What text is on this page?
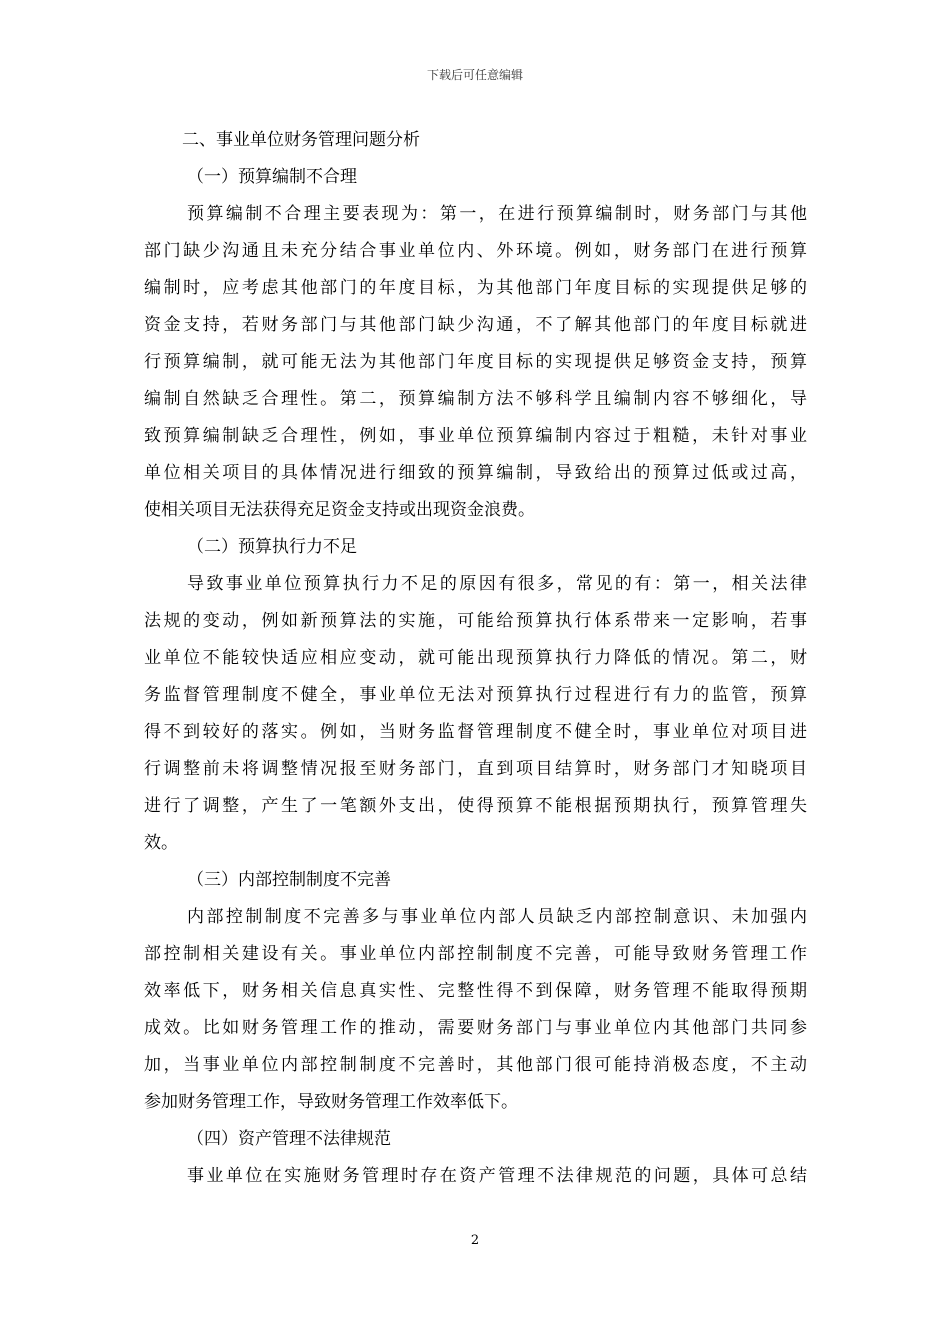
下载后可任意编辑
二、事业单位财务管理问题分析
（一）预算编制不合理
预算编制不合理主要表现为：第一，在进行预算编制时，财务部门与其他
部门缺少沟通且未充分结合事业单位内、外环境。例如，财务部门在进行预算
编制时，应考虑其他部门的年度目标，为其他部门年度目标的实现提供足够的
资金支持，若财务部门与其他部门缺少沟通，不了解其他部门的年度目标就进
行预算编制，就可能无法为其他部门年度目标的实现提供足够资金支持，预算
编制自然缺乏合理性。第二，预算编制方法不够科学且编制内容不够细化，导
致预算编制缺乏合理性，例如，事业单位预算编制内容过于粗糙，未针对事业
单位相关项目的具体情况进行细致的预算编制，导致给出的预算过低或过高，
使相关项目无法获得充足资金支持或出现资金浪费。
（二）预算执行力不足
导致事业单位预算执行力不足的原因有很多，常见的有：第一，相关法律
法规的变动，例如新预算法的实施，可能给预算执行体系带来一定影响，若事
业单位不能较快适应相应变动，就可能出现预算执行力降低的情况。第二，财
务监督管理制度不健全，事业单位无法对预算执行过程进行有力的监管，预算
得不到较好的落实。例如，当财务监督管理制度不健全时，事业单位对项目进
行调整前未将调整情况报至财务部门，直到项目结算时，财务部门才知晓项目
进行了调整，产生了一笔额外支出，使得预算不能根据预期执行，预算管理失
效。
（三）内部控制制度不完善
内部控制制度不完善多与事业单位内部人员缺乏内部控制意识、未加强内
部控制相关建设有关。事业单位内部控制制度不完善，可能导致财务管理工作
效率低下，财务相关信息真实性、完整性得不到保障，财务管理不能取得预期
成效。比如财务管理工作的推动，需要财务部门与事业单位内其他部门共同参
加，当事业单位内部控制制度不完善时，其他部门很可能持消极态度，不主动
参加财务管理工作，导致财务管理工作效率低下。
（四）资产管理不法律规范
事业单位在实施财务管理时存在资产管理不法律规范的问题，具体可总结
2
